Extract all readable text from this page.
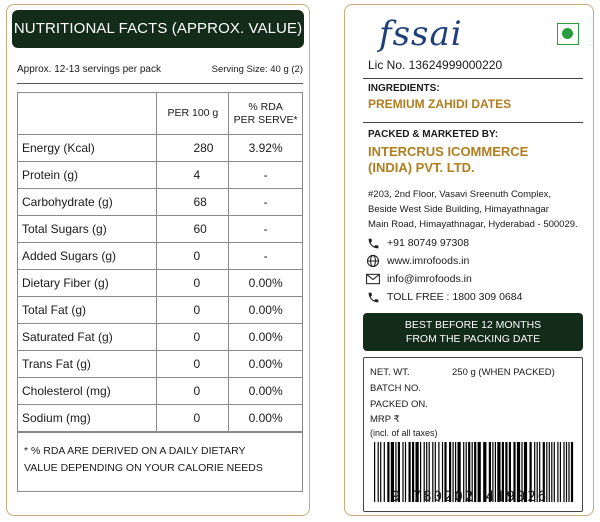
NUTRITIONAL FACTS (APPROX. VALUE)
Approx. 12-13 servings per pack	Serving Size: 40 g (2)
	PER 100 g	% RDA
PER SERVE*
Energy (Kcal)	280	3.92%
Protein (g)	4	-
Carbohydrate (g)	68	-
Total Sugars (g)	60	-
Added Sugars (g)	0	-
Dietary Fiber (g)	0	0.00%
Total Fat (g)	0	0.00%
Saturated Fat (g)	0	0.00%
Trans Fat (g)	0	0.00%
Cholesterol (mg)	0	0.00%
Sodium (mg)	0	0.00%
* % RDA ARE DERIVED ON A DAILY DIETARY
VALUE DEPENDING ON YOUR CALORIE NEEDS
fssai
Lic No. 13624999000220
INGREDIENTS:
PREMIUM ZAHIDI DATES
PACKED & MARKETED BY:
INTERCRUS ICOMMERCE
(INDIA) PVT. LTD.
#203, 2nd Floor, Vasavi Sreenuth Complex,
Beside West Side Building, Himayathnagar
Main Road, Himayathnagar, Hyderabad - 500029.
+91 80749 97308
www.imrofoods.in
info@imrofoods.in
TOLL FREE : 1800 309 0684
BEST BEFORE 12 MONTHS
FROM THE PACKING DATE
NET. WT.	250 g (WHEN PACKED)
BATCH NO.
PACKED ON.
MRP ₹
(incl. of all taxes)
9 780202 419026
